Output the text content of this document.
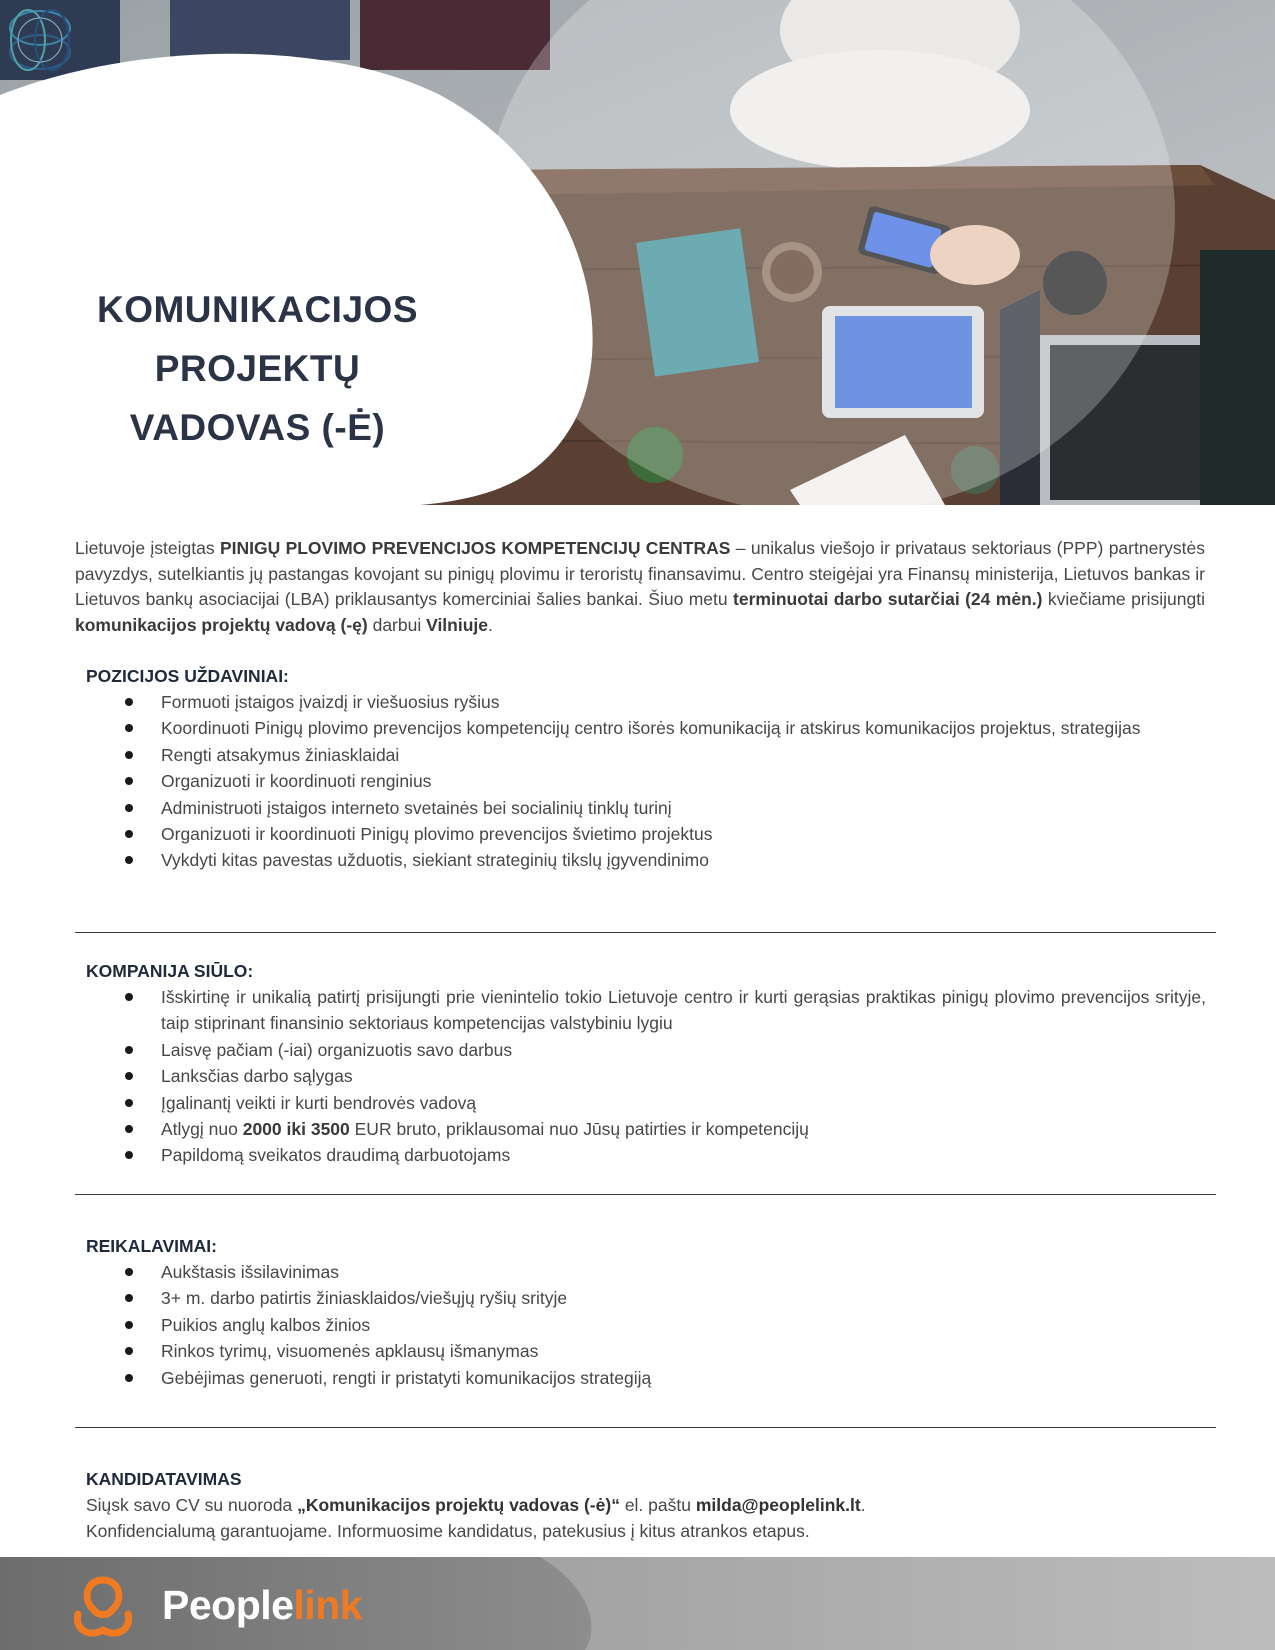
KOMUNIKACIJOS
PROJEKTŲ
VADOVAS (-Ė)
Lietuvoje įsteigtas PINIGŲ PLOVIMO PREVENCIJOS KOMPETENCIJŲ CENTRAS – unikalus viešojo ir privataus sektoriaus (PPP) partnerystės pavyzdys, sutelkiantis jų pastangas kovojant su pinigų plovimu ir teroristų finansavimu. Centro steigėjai yra Finansų ministerija, Lietuvos bankas ir Lietuvos bankų asociacijai (LBA) priklausantys komerciniai šalies bankai. Šiuo metu terminuotai darbo sutarčiai (24 mėn.) kviečiame prisijungti komunikacijos projektų vadovą (-ę) darbui Vilniuje.
POZICIJOS UŽDAVINIAI:
Formuoti įstaigos įvaizdį ir viešuosius ryšius
Koordinuoti Pinigų plovimo prevencijos kompetencijų centro išorės komunikaciją ir atskirus komunikacijos projektus, strategijas
Rengti atsakymus žiniasklaidai
Organizuoti ir koordinuoti renginius
Administruoti įstaigos interneto svetainės bei socialinių tinklų turinį
Organizuoti ir koordinuoti Pinigų plovimo prevencijos švietimo projektus
Vykdyti kitas pavestas užduotis, siekiant strateginių tikslų įgyvendinimo
KOMPANIJA SIŪLO:
Išskirtinę ir unikalią patirtį prisijungti prie vienintelio tokio Lietuvoje centro ir kurti gerąsias praktikas pinigų plovimo prevencijos srityje, taip stiprinant finansinio sektoriaus kompetencijas valstybiniu lygiu
Laisvę pačiam (-iai) organizuotis savo darbus
Lanksčias darbo sąlygas
Įgalinantį veikti ir kurti bendrovės vadovą
Atlygį nuo 2000 iki 3500 EUR bruto, priklausomai nuo Jūsų patirties ir kompetencijų
Papildomą sveikatos draudimą darbuotojams
REIKALAVIMAI:
Aukštasis išsilavinimas
3+ m. darbo patirtis žiniasklaidos/viešųjų ryšių srityje
Puikios anglų kalbos žinios
Rinkos tyrimų, visuomenės apklausų išmanymas
Gebėjimas generuoti, rengti ir pristatyti komunikacijos strategiją
KANDIDATAVIMAS
Siųsk savo CV su nuoroda „Komunikacijos projektų vadovas (-ė)“ el. paštu milda@peoplelink.lt.
Konfidencialumą garantuojame. Informuosime kandidatus, patekusius į kitus atrankos etapus.
Peoplelink
